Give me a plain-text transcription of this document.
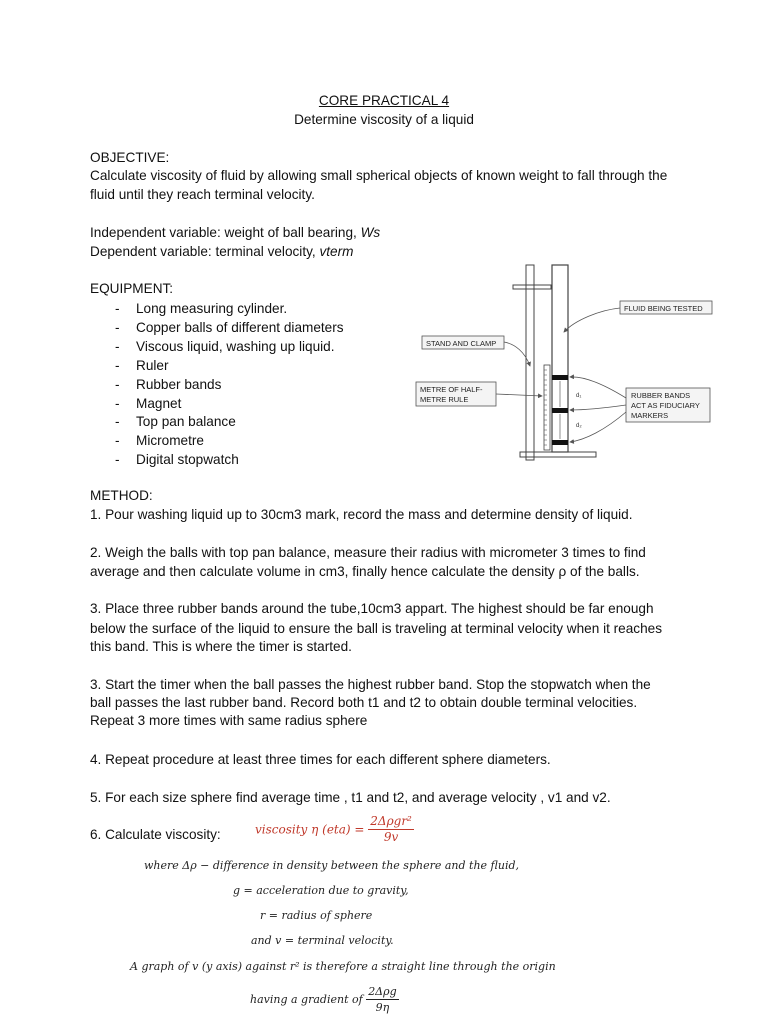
CORE PRACTICAL 4
Determine viscosity of a liquid
OBJECTIVE:
Calculate viscosity of fluid by allowing small spherical objects of known weight to fall through the
fluid until they reach terminal velocity.
Independent variable: weight of ball bearing, Ws
Dependent variable: terminal velocity, vterm
EQUIPMENT:
- Long measuring cylinder.
- Copper balls of different diameters
- Viscous liquid, washing up liquid.
- Ruler
- Rubber bands
- Magnet
- Top pan balance
- Micrometre
- Digital stopwatch
d₁
d₂
FLUID BEING TESTED
STAND AND CLAMP
METRE OF HALF-
METRE RULE	RUBBER BANDS
ACT AS FIDUCIARY
MARKERS
METHOD:
1. Pour washing liquid up to 30cm3 mark, record the mass and determine density of liquid.
2. Weigh the balls with top pan balance, measure their radius with micrometer 3 times to find
average and then calculate volume in cm3, finally hence calculate the density ρ of the balls.
3. Place three rubber bands around the tube,10cm3 appart. The highest should be far enough
below the surface of the liquid to ensure the ball is traveling at terminal velocity when it reaches
this band. This is where the timer is started.
3. Start the timer when the ball passes the highest rubber band. Stop the stopwatch when the
ball passes the last rubber band. Record both t1 and t2 to obtain double terminal velocities.
Repeat 3 more times with same radius sphere
4. Repeat procedure at least three times for each different sphere diameters.
5. For each size sphere find average time , t1 and t2, and average velocity , v1 and v2.
6. Calculate viscosity:	viscosity η $(eta) = \frac{\text{2Δρgr²}}{9v}$
where Δρ − difference in density between the sphere and the fluid,
g = acceleration due to gravity,
r = radius of sphere
and v = terminal velocity.
A graph of v (y axis) against r² is therefore a straight line through the origin
having a gradient of $\frac{\text{2Δρg}}{9\eta}$
